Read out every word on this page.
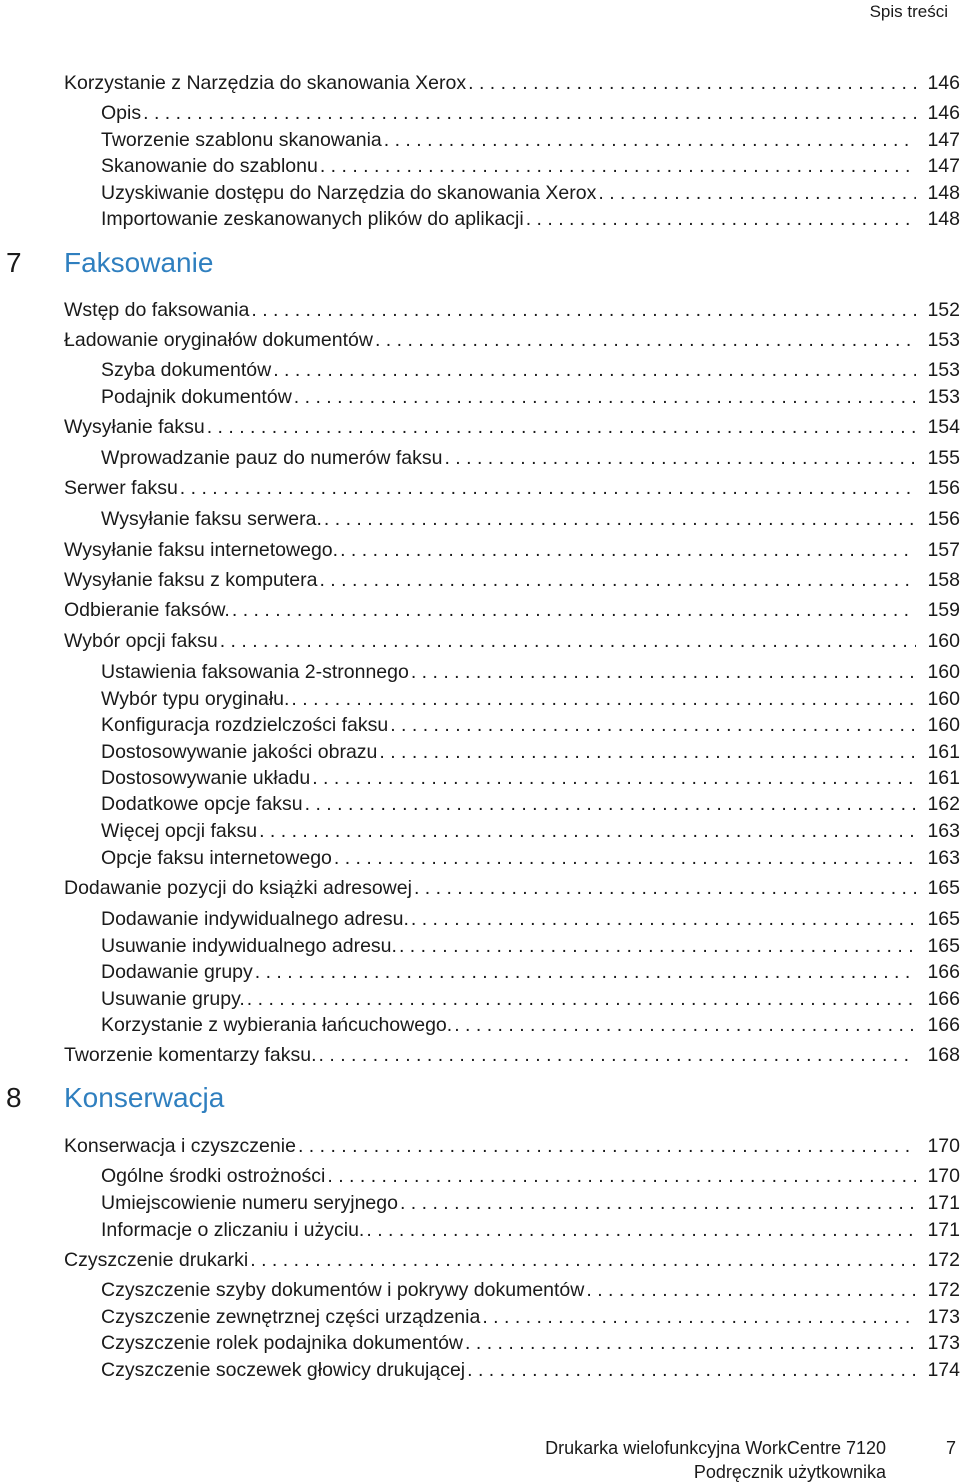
Spis treści
Korzystanie z Narzędzia do skanowania Xerox . . .	146
Opis . . .	146
Tworzenie szablonu skanowania . . .	147
Skanowanie do szablonu . . .	147
Uzyskiwanie dostępu do Narzędzia do skanowania Xerox . . .	148
Importowanie zeskanowanych plików do aplikacji . . .	148
7 Faksowanie
Wstęp do faksowania . . .	152
Ładowanie oryginałów dokumentów . . .	153
Szyba dokumentów . . .	153
Podajnik dokumentów . . .	153
Wysyłanie faksu . . .	154
Wprowadzanie pauz do numerów faksu . . .	155
Serwer faksu . . .	156
Wysyłanie faksu serwera. . . .	156
Wysyłanie faksu internetowego. . . .	157
Wysyłanie faksu z komputera . . .	158
Odbieranie faksów. . . .	159
Wybór opcji faksu . . .	160
Ustawienia faksowania 2-stronnego . . .	160
Wybór typu oryginału. . . .	160
Konfiguracja rozdzielczości faksu . . .	160
Dostosowywanie jakości obrazu . . .	161
Dostosowywanie układu . . .	161
Dodatkowe opcje faksu . . .	162
Więcej opcji faksu . . .	163
Opcje faksu internetowego . . .	163
Dodawanie pozycji do książki adresowej . . .	165
Dodawanie indywidualnego adresu. . . .	165
Usuwanie indywidualnego adresu. . . .	165
Dodawanie grupy . . .	166
Usuwanie grupy. . . .	166
Korzystanie z wybierania łańcuchowego. . . .	166
Tworzenie komentarzy faksu. . . .	168
8 Konserwacja
Konserwacja i czyszczenie . . .	170
Ogólne środki ostrożności . . .	170
Umiejscowienie numeru seryjnego . . .	171
Informacje o zliczaniu i użyciu. . . .	171
Czyszczenie drukarki . . .	172
Czyszczenie szyby dokumentów i pokrywy dokumentów . . .	172
Czyszczenie zewnętrznej części urządzenia . . .	173
Czyszczenie rolek podajnika dokumentów . . .	173
Czyszczenie soczewek głowicy drukującej . . .	174
Drukarka wielofunkcyjna WorkCentre 7120
Podręcznik użytkownika
7
